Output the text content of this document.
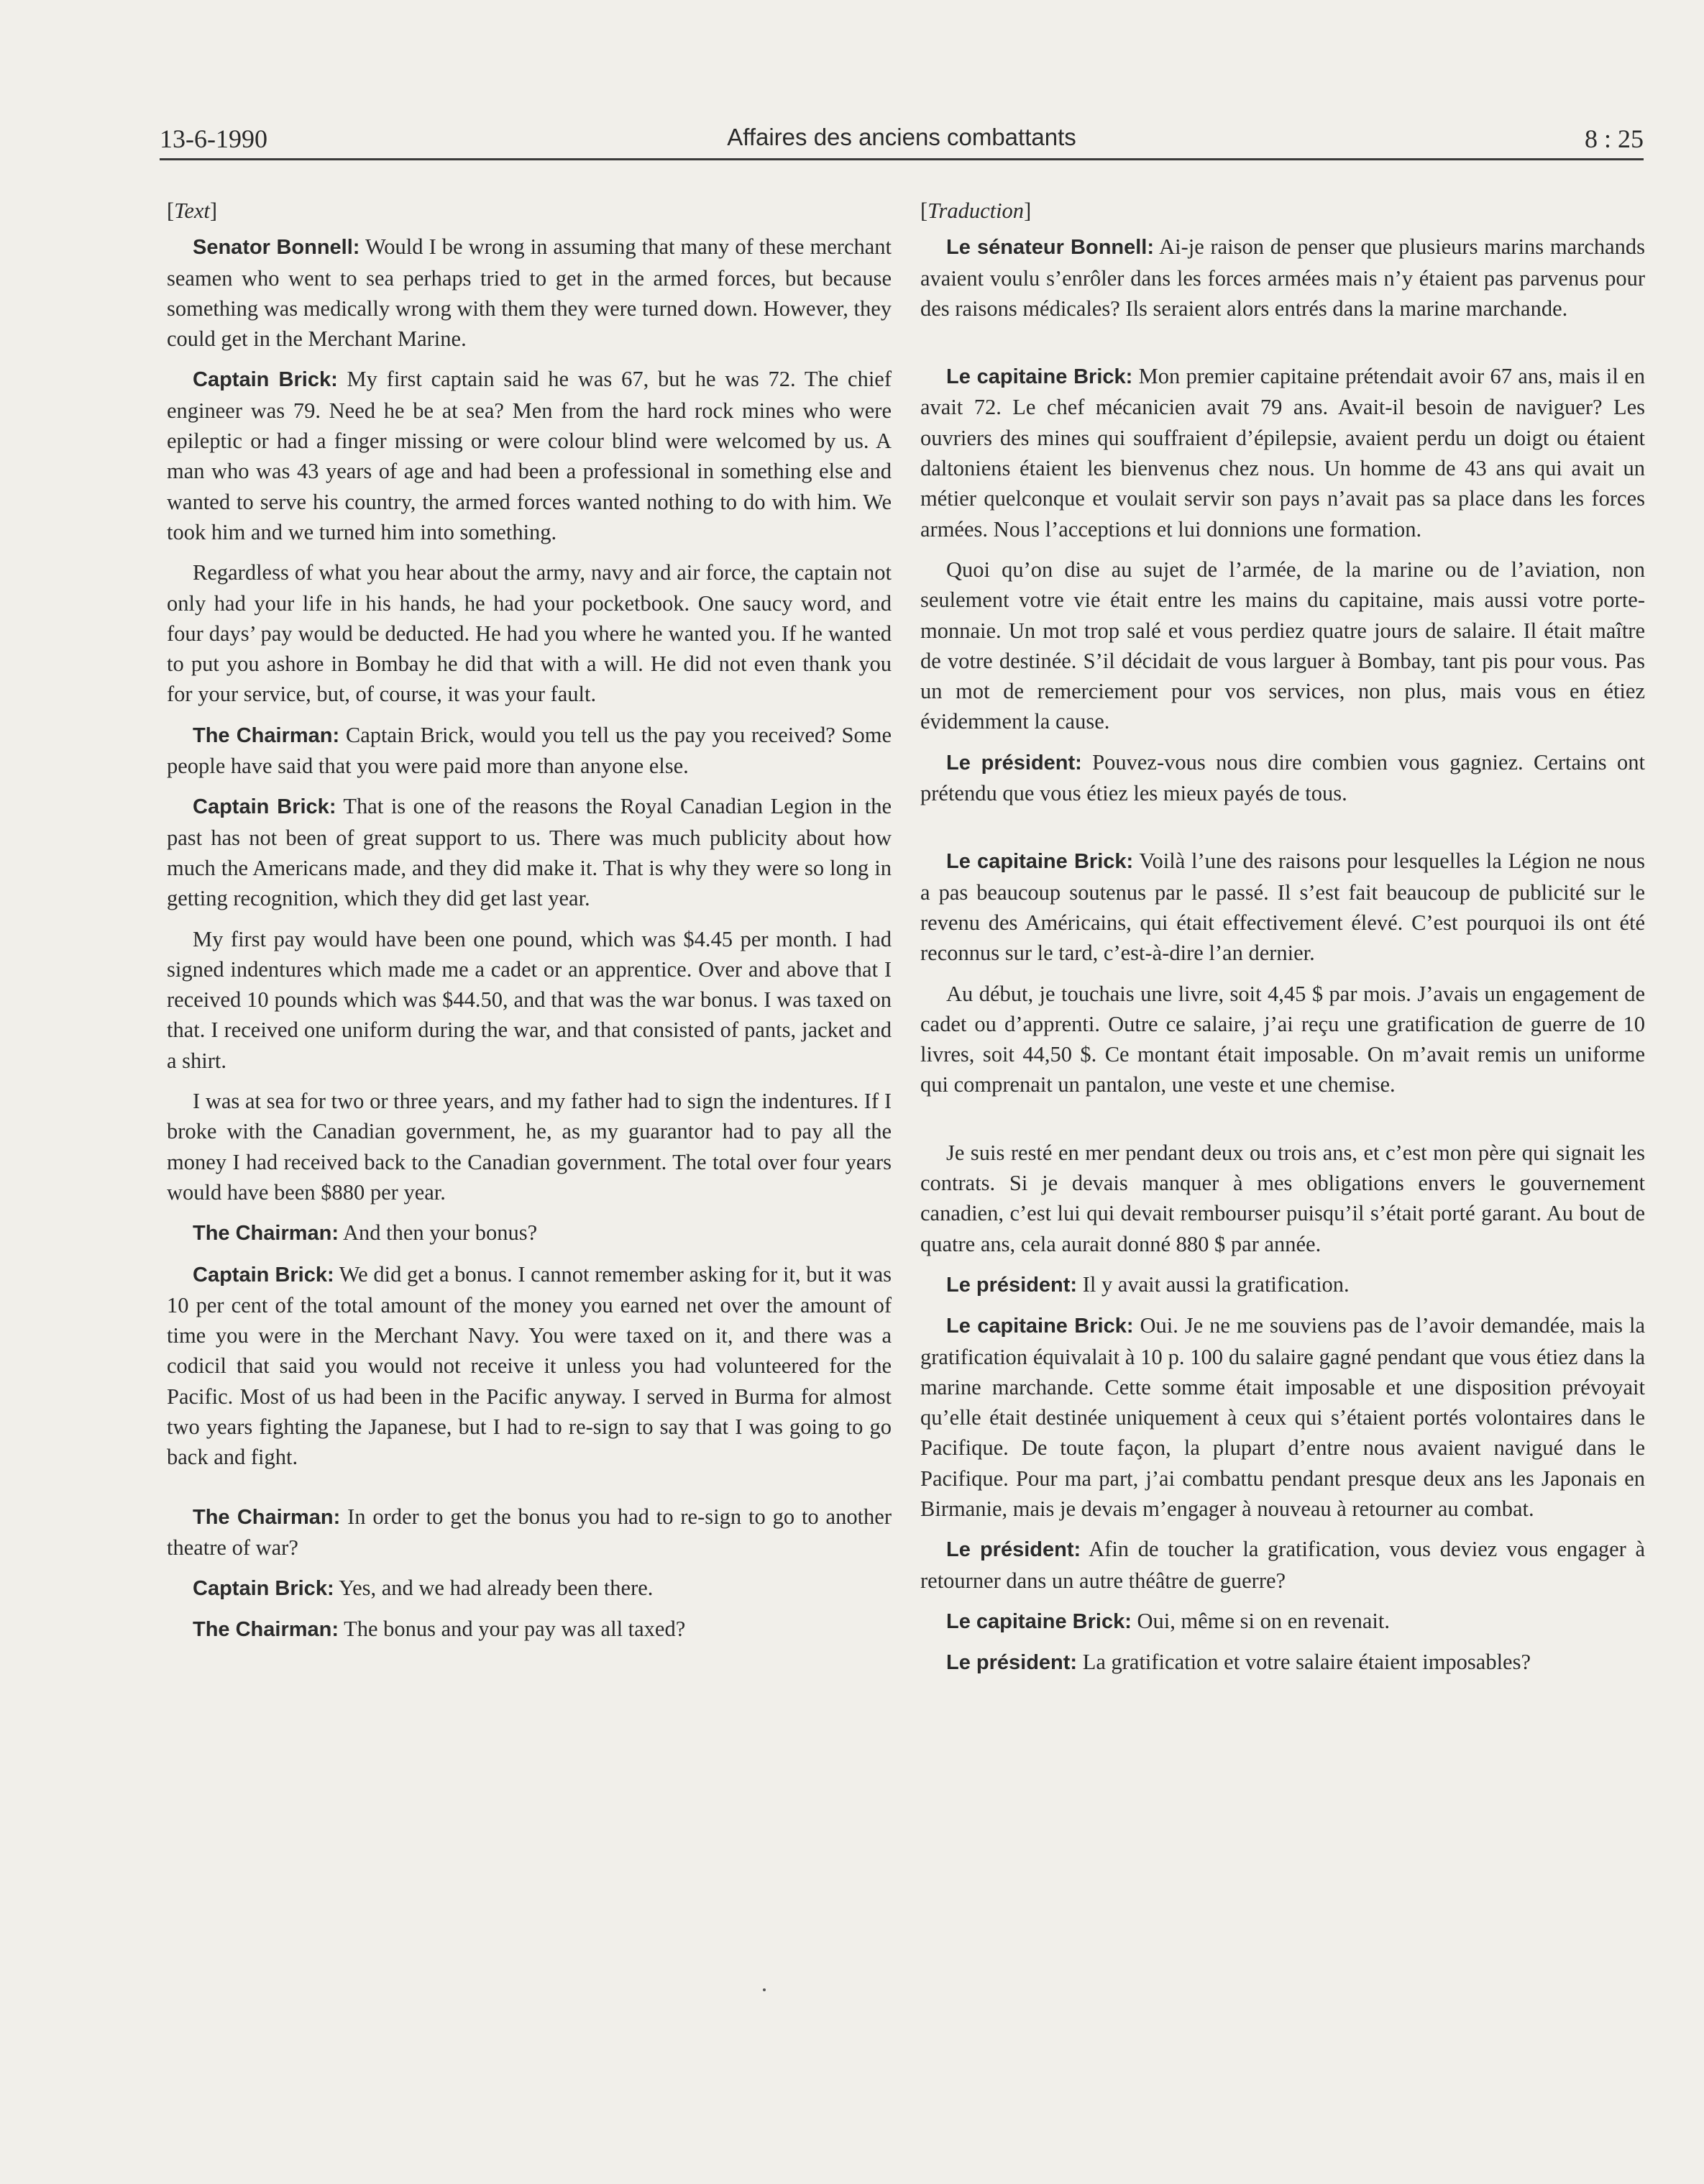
13-6-1990	Affaires des anciens combattants	8 : 25
[Text]

Senator Bonnell: Would I be wrong in assuming that many of these merchant seamen who went to sea perhaps tried to get in the armed forces, but because something was medically wrong with them they were turned down. However, they could get in the Merchant Marine.

Captain Brick: My first captain said he was 67, but he was 72. The chief engineer was 79. Need he be at sea? Men from the hard rock mines who were epileptic or had a finger missing or were colour blind were welcomed by us. A man who was 43 years of age and had been a professional in something else and wanted to serve his country, the armed forces wanted nothing to do with him. We took him and we turned him into something.

Regardless of what you hear about the army, navy and air force, the captain not only had your life in his hands, he had your pocketbook. One saucy word, and four days’ pay would be deducted. He had you where he wanted you. If he wanted to put you ashore in Bombay he did that with a will. He did not even thank you for your service, but, of course, it was your fault.

The Chairman: Captain Brick, would you tell us the pay you received? Some people have said that you were paid more than anyone else.

Captain Brick: That is one of the reasons the Royal Canadian Legion in the past has not been of great support to us. There was much publicity about how much the Americans made, and they did make it. That is why they were so long in getting recognition, which they did get last year.

My first pay would have been one pound, which was $4.45 per month. I had signed indentures which made me a cadet or an apprentice. Over and above that I received 10 pounds which was $44.50, and that was the war bonus. I was taxed on that. I received one uniform during the war, and that consisted of pants, jacket and a shirt.

I was at sea for two or three years, and my father had to sign the indentures. If I broke with the Canadian government, he, as my guarantor had to pay all the money I had received back to the Canadian government. The total over four years would have been $880 per year.

The Chairman: And then your bonus?

Captain Brick: We did get a bonus. I cannot remember asking for it, but it was 10 per cent of the total amount of the money you earned net over the amount of time you were in the Merchant Navy. You were taxed on it, and there was a codicil that said you would not receive it unless you had volunteered for the Pacific. Most of us had been in the Pacific anyway. I served in Burma for almost two years fighting the Japanese, but I had to re-sign to say that I was going to go back and fight.

The Chairman: In order to get the bonus you had to re-sign to go to another theatre of war?

Captain Brick: Yes, and we had already been there.

The Chairman: The bonus and your pay was all taxed?

[Traduction]

Le sénateur Bonnell: Ai-je raison de penser que plusieurs marins marchands avaient voulu s’enrôler dans les forces armées mais n’y étaient pas parvenus pour des raisons médicales? Ils seraient alors entrés dans la marine marchande.

Le capitaine Brick: Mon premier capitaine prétendait avoir 67 ans, mais il en avait 72. Le chef mécanicien avait 79 ans. Avait-il besoin de naviguer? Les ouvriers des mines qui souffraient d’épilepsie, avaient perdu un doigt ou étaient daltoniens étaient les bienvenus chez nous. Un homme de 43 ans qui avait un métier quelconque et voulait servir son pays n’avait pas sa place dans les forces armées. Nous l’acceptions et lui donnions une formation.

Quoi qu’on dise au sujet de l’armée, de la marine ou de l’aviation, non seulement votre vie était entre les mains du capitaine, mais aussi votre porte-monnaie. Un mot trop salé et vous perdiez quatre jours de salaire. Il était maître de votre destinée. S’il décidait de vous larguer à Bombay, tant pis pour vous. Pas un mot de remerciement pour vos services, non plus, mais vous en étiez évidemment la cause.

Le président: Pouvez-vous nous dire combien vous gagniez. Certains ont prétendu que vous étiez les mieux payés de tous.

Le capitaine Brick: Voilà l’une des raisons pour lesquelles la Légion ne nous a pas beaucoup soutenus par le passé. Il s’est fait beaucoup de publicité sur le revenu des Américains, qui était effectivement élevé. C’est pourquoi ils ont été reconnus sur le tard, c’est-à-dire l’an dernier.

Au début, je touchais une livre, soit 4,45 $ par mois. J’avais un engagement de cadet ou d’apprenti. Outre ce salaire, j’ai reçu une gratification de guerre de 10 livres, soit 44,50 $. Ce montant était imposable. On m’avait remis un uniforme qui comprenait un pantalon, une veste et une chemise.

Je suis resté en mer pendant deux ou trois ans, et c’est mon père qui signait les contrats. Si je devais manquer à mes obligations envers le gouvernement canadien, c’est lui qui devait rembourser puisqu’il s’était porté garant. Au bout de quatre ans, cela aurait donné 880 $ par année.

Le président: Il y avait aussi la gratification.

Le capitaine Brick: Oui. Je ne me souviens pas de l’avoir demandée, mais la gratification équivalait à 10 p. 100 du salaire gagné pendant que vous étiez dans la marine marchande. Cette somme était imposable et une disposition prévoyait qu’elle était destinée uniquement à ceux qui s’étaient portés volontaires dans le Pacifique. De toute façon, la plupart d’entre nous avaient navigué dans le Pacifique. Pour ma part, j’ai combattu pendant presque deux ans les Japonais en Birmanie, mais je devais m’engager à nouveau à retourner au combat.

Le président: Afin de toucher la gratification, vous deviez vous engager à retourner dans un autre théâtre de guerre?

Le capitaine Brick: Oui, même si on en revenait.

Le président: La gratification et votre salaire étaient imposables?
